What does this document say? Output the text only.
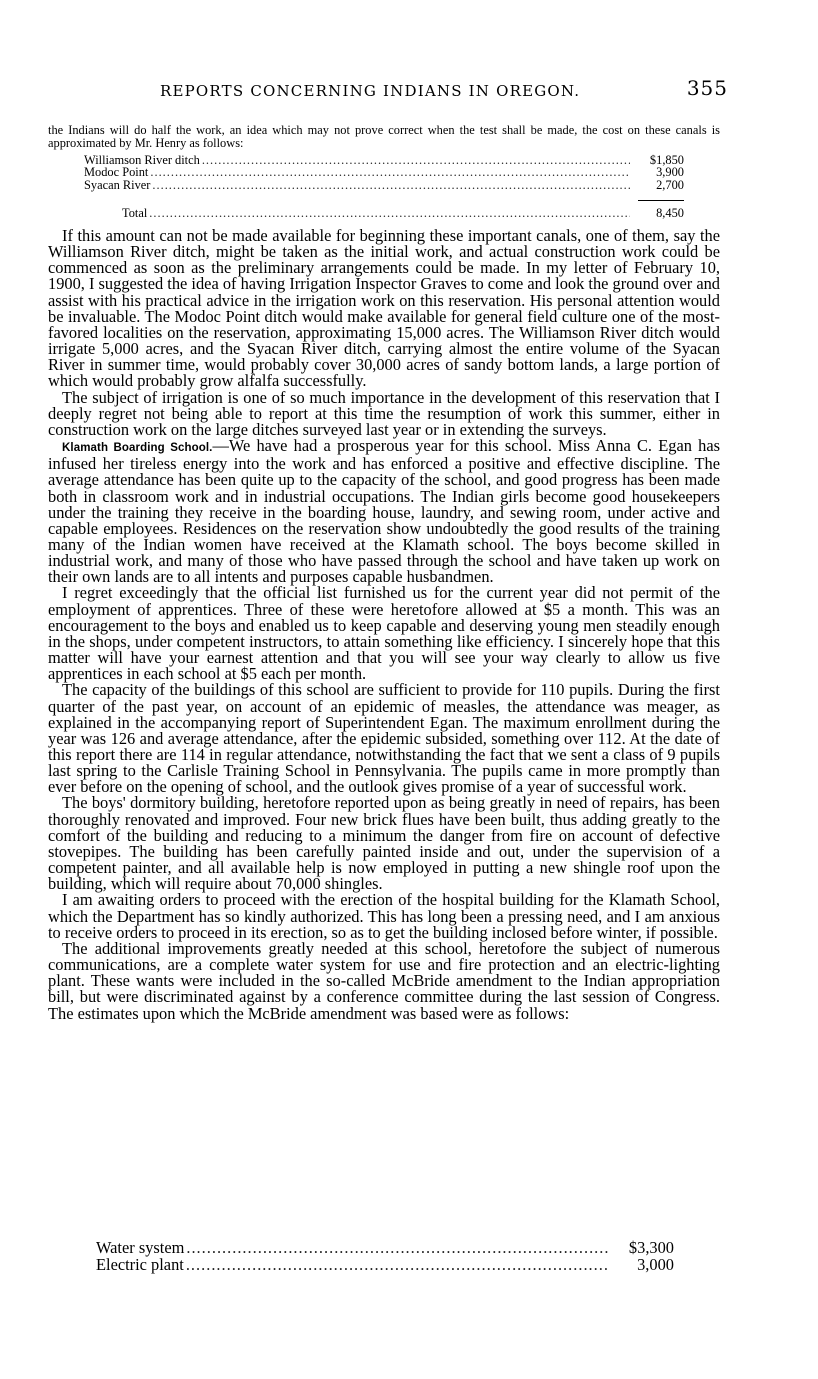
REPORTS CONCERNING INDIANS IN OREGON.	355

the Indians will do half the work, an idea which may not prove correct when the test shall be made, the cost on these canals is approximated by Mr. Henry as follows:

Williamson River ditch .....	$1,850
Modoc Point .....	3,900
Syacan River .....	2,700
Total .....	8,450

If this amount can not be made available for beginning these important canals, one of them, say the Williamson River ditch, might be taken as the initial work, and actual construction work could be commenced as soon as the preliminary arrangements could be made. In my letter of February 10, 1900, I suggested the idea of having Irrigation Inspector Graves to come and look the ground over and assist with his practical advice in the irrigation work on this reservation. His personal attention would be invaluable. The Modoc Point ditch would make available for general field culture one of the most-favored localities on the reservation, approximating 15,000 acres. The Williamson River ditch would irrigate 5,000 acres, and the Syacan River ditch, carrying almost the entire volume of the Syacan River in summer time, would probably cover 30,000 acres of sandy bottom lands, a large portion of which would probably grow alfalfa successfully.

The subject of irrigation is one of so much importance in the development of this reservation that I deeply regret not being able to report at this time the resumption of work this summer, either in construction work on the large ditches surveyed last year or in extending the surveys.

Klamath Boarding School.—We have had a prosperous year for this school. Miss Anna C. Egan has infused her tireless energy into the work and has enforced a positive and effective discipline. The average attendance has been quite up to the capacity of the school, and good progress has been made both in classroom work and in industrial occupations. The Indian girls become good housekeepers under the training they receive in the boarding house, laundry, and sewing room, under active and capable employees. Residences on the reservation show undoubtedly the good results of the training many of the Indian women have received at the Klamath school. The boys become skilled in industrial work, and many of those who have passed through the school and have taken up work on their own lands are to all intents and purposes capable husbandmen.

I regret exceedingly that the official list furnished us for the current year did not permit of the employment of apprentices. Three of these were heretofore allowed at $5 a month. This was an encouragement to the boys and enabled us to keep capable and deserving young men steadily enough in the shops, under competent instructors, to attain something like efficiency. I sincerely hope that this matter will have your earnest attention and that you will see your way clearly to allow us five apprentices in each school at $5 each per month.

The capacity of the buildings of this school are sufficient to provide for 110 pupils. During the first quarter of the past year, on account of an epidemic of measles, the attendance was meager, as explained in the accompanying report of Superintendent Egan. The maximum enrollment during the year was 126 and average attendance, after the epidemic subsided, something over 112. At the date of this report there are 114 in regular attendance, notwithstanding the fact that we sent a class of 9 pupils last spring to the Carlisle Training School in Pennsylvania. The pupils came in more promptly than ever before on the opening of school, and the outlook gives promise of a year of successful work.

The boys' dormitory building, heretofore reported upon as being greatly in need of repairs, has been thoroughly renovated and improved. Four new brick flues have been built, thus adding greatly to the comfort of the building and reducing to a minimum the danger from fire on account of defective stovepipes. The building has been carefully painted inside and out, under the supervision of a competent painter, and all available help is now employed in putting a new shingle roof upon the building, which will require about 70,000 shingles.

I am awaiting orders to proceed with the erection of the hospital building for the Klamath School, which the Department has so kindly authorized. This has long been a pressing need, and I am anxious to receive orders to proceed in its erection, so as to get the building inclosed before winter, if possible.

The additional improvements greatly needed at this school, heretofore the subject of numerous communications, are a complete water system for use and fire protection and an electric-lighting plant. These wants were included in the so-called McBride amendment to the Indian appropriation bill, but were discriminated against by a conference committee during the last session of Congress. The estimates upon which the McBride amendment was based were as follows:

Water system .....	$3,300
Electric plant .....	3,000
